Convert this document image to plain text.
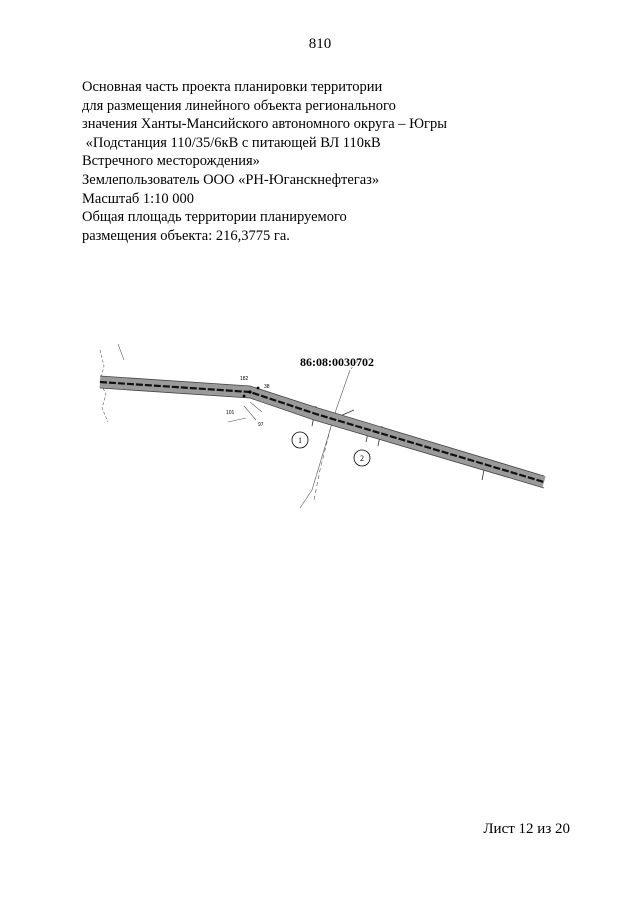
810
Основная часть проекта планировки территории
для размещения линейного объекта регионального
значения Ханты-Мансийского автономного округа – Югры
«Подстанция 110/35/6кВ с питающей ВЛ 110кВ
Встречного месторождения»
Землепользователь ООО «РН-Юганскнефтегаз»
Масштаб 1:10 000
Общая площадь территории планируемого
размещения объекта: 216,3775 га.
86:08:0030702
182
38
101
97
1
2
Лист 12 из 20
